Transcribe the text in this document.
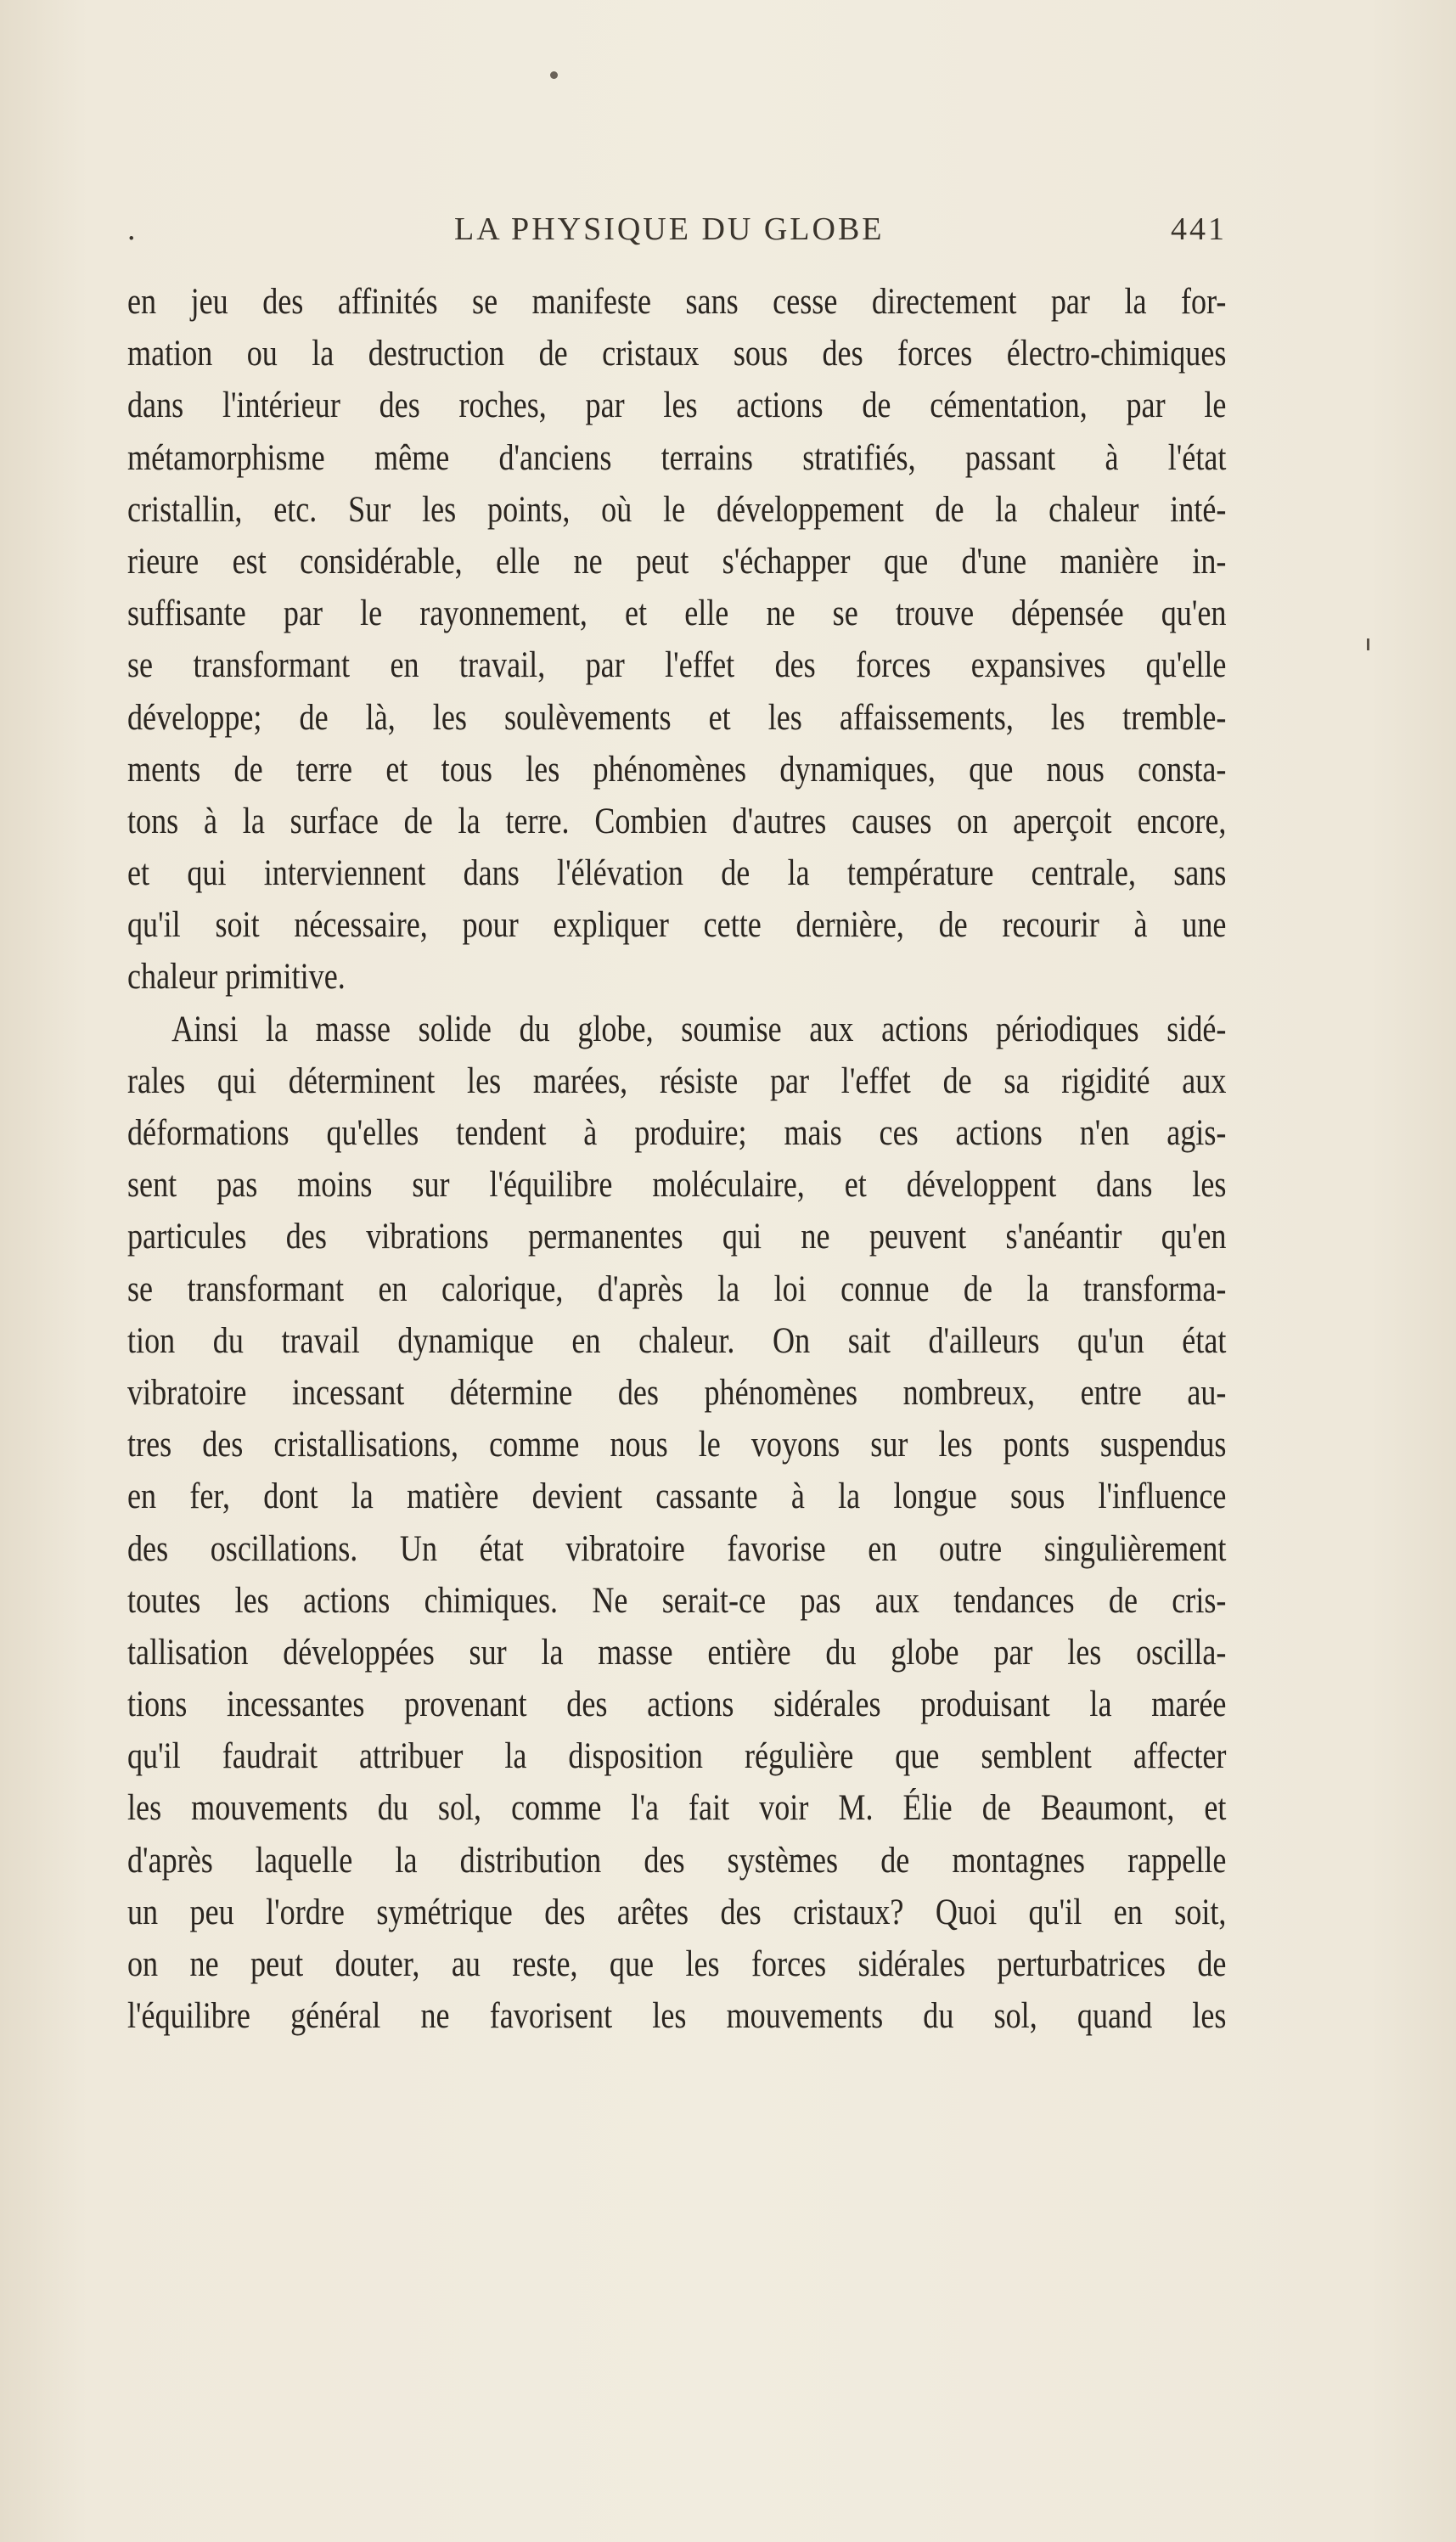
.	LA PHYSIQUE DU GLOBE	441
en jeu des affinités se manifeste sans cesse directement par la for-
mation ou la destruction de cristaux sous des forces électro-chimiques
dans l'intérieur des roches, par les actions de cémentation, par le
métamorphisme même d'anciens terrains stratifiés, passant à l'état
cristallin, etc. Sur les points, où le développement de la chaleur inté-
rieure est considérable, elle ne peut s'échapper que d'une manière in-
suffisante par le rayonnement, et elle ne se trouve dépensée qu'en
se transformant en travail, par l'effet des forces expansives qu'elle
développe; de là, les soulèvements et les affaissements, les tremble-
ments de terre et tous les phénomènes dynamiques, que nous consta-
tons à la surface de la terre. Combien d'autres causes on aperçoit encore,
et qui interviennent dans l'élévation de la température centrale, sans
qu'il soit nécessaire, pour expliquer cette dernière, de recourir à une
chaleur primitive.
Ainsi la masse solide du globe, soumise aux actions périodiques sidé-
rales qui déterminent les marées, résiste par l'effet de sa rigidité aux
déformations qu'elles tendent à produire; mais ces actions n'en agis-
sent pas moins sur l'équilibre moléculaire, et développent dans les
particules des vibrations permanentes qui ne peuvent s'anéantir qu'en
se transformant en calorique, d'après la loi connue de la transforma-
tion du travail dynamique en chaleur. On sait d'ailleurs qu'un état
vibratoire incessant détermine des phénomènes nombreux, entre au-
tres des cristallisations, comme nous le voyons sur les ponts suspendus
en fer, dont la matière devient cassante à la longue sous l'influence
des oscillations. Un état vibratoire favorise en outre singulièrement
toutes les actions chimiques. Ne serait-ce pas aux tendances de cris-
tallisation développées sur la masse entière du globe par les oscilla-
tions incessantes provenant des actions sidérales produisant la marée
qu'il faudrait attribuer la disposition régulière que semblent affecter
les mouvements du sol, comme l'a fait voir M. Élie de Beaumont, et
d'après laquelle la distribution des systèmes de montagnes rappelle
un peu l'ordre symétrique des arêtes des cristaux? Quoi qu'il en soit,
on ne peut douter, au reste, que les forces sidérales perturbatrices de
l'équilibre général ne favorisent les mouvements du sol, quand les
